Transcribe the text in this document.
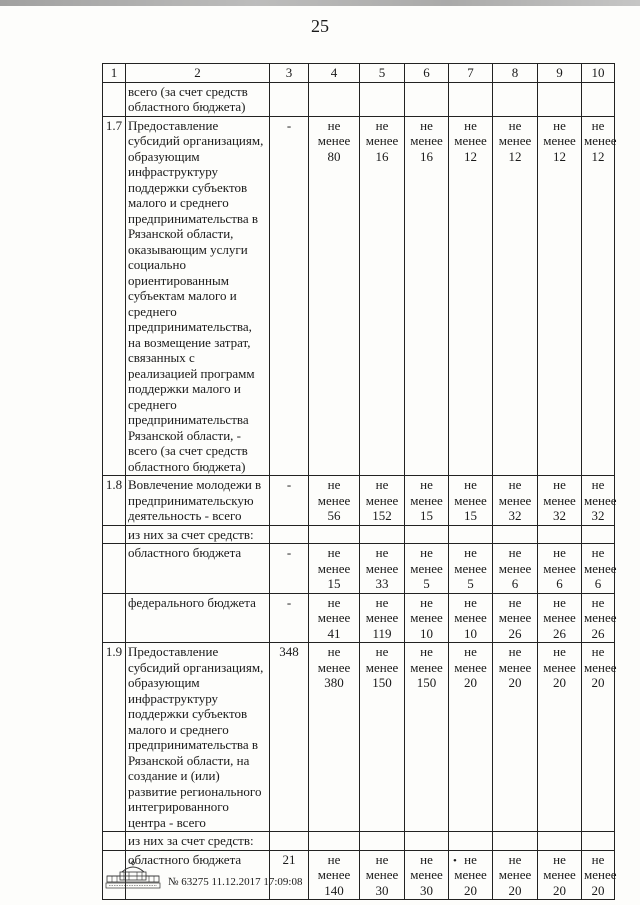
25
1	2	3	4	5	6	7	8	9	10
	всего (за счет средств областного бюджета)								
1.7	Предоставление субсидий организациям, образующим инфраструктуру поддержки субъектов малого и среднего предпринимательства в Рязанской области, оказывающим услуги социально ориентированным субъектам малого и среднего предпринимательства, на возмещение затрат, связанных с реализацией программ поддержки малого и среднего предпринимательства Рязанской области, - всего (за счет средств областного бюджета)	-	не менее 80	не менее 16	не менее 16	не менее 12	не менее 12	не менее 12	не менее 12
1.8	Вовлечение молодежи в предпринимательскую деятельность - всего	-	не менее 56	не менее 152	не менее 15	не менее 15	не менее 32	не менее 32	не менее 32
	из них за счет средств:								
	областного бюджета	-	не менее 15	не менее 33	не менее 5	не менее 5	не менее 6	не менее 6	не менее 6
	федерального бюджета	-	не менее 41	не менее 119	не менее 10	не менее 10	не менее 26	не менее 26	не менее 26
1.9	Предоставление субсидий организациям, образующим инфраструктуру поддержки субъектов малого и среднего предпринимательства в Рязанской области, на создание и (или) развитие регионального интегрированного центра - всего	348	не менее 380	не менее 150	не менее 150	не менее 20	не менее 20	не менее 20	не менее 20
	из них за счет средств:								
	областного бюджета	21	не менее 140	не менее 30	не менее 30	не менее 20	не менее 20	не менее 20	не менее 20
№ 63275 11.12.2017 17:09:08
•
